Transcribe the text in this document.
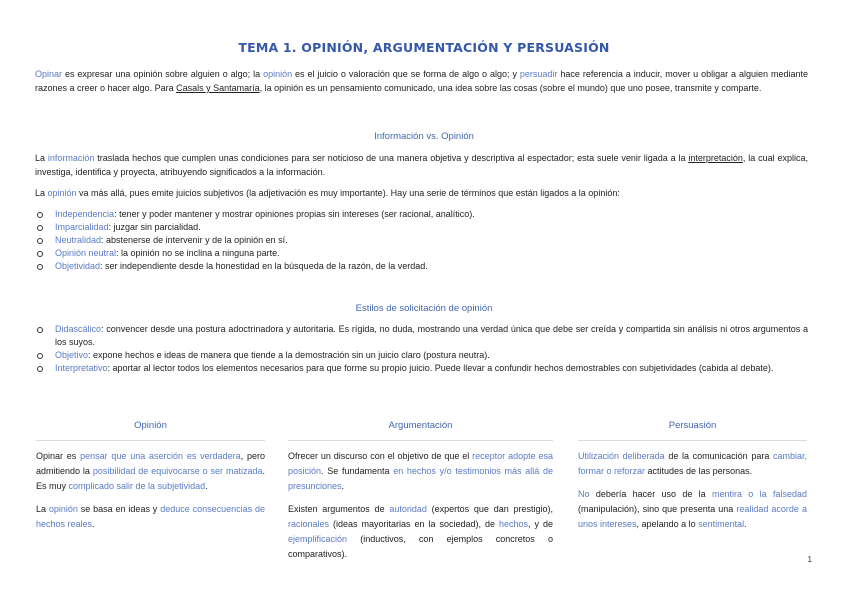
TEMA 1. OPINIÓN, ARGUMENTACIÓN Y PERSUASIÓN

Opinar es expresar una opinión sobre alguien o algo; la opinión es el juicio o valoración que se forma de algo o algo; y persuadir hace referencia a inducir, mover u obligar a alguien mediante razones a creer o hacer algo. Para Casals y Santamaría, la opinión es un pensamiento comunicado, una idea sobre las cosas (sobre el mundo) que uno posee, transmite y comparte.

Información vs. Opinión

La información traslada hechos que cumplen unas condiciones para ser noticioso de una manera objetiva y descriptiva al espectador; esta suele venir ligada a la interpretación, la cual explica, investiga, identifica y proyecta, atribuyendo significados a la información.

La opinión va más allá, pues emite juicios subjetivos (la adjetivación es muy importante). Hay una serie de términos que están ligados a la opinión:

Independencia: tener y poder mantener y mostrar opiniones propias sin intereses (ser racional, analítico).
Imparcialidad: juzgar sin parcialidad.
Neutralidad: abstenerse de intervenir y de la opinión en sí.
Opinión neutral: la opinión no se inclina a ninguna parte.
Objetividad: ser independiente desde la honestidad en la búsqueda de la razón, de la verdad.
Estilos de solicitación de opinión
Didascálico: convencer desde una postura adoctrinadora y autoritaria. Es rígida, no duda, mostrando una verdad única que debe ser creída y compartida sin análisis ni otros argumentos a los suyos.
Objetivo: expone hechos e ideas de manera que tiende a la demostración sin un juicio claro (postura neutra).
Interpretativo: aportar al lector todos los elementos necesarios para que forme su propio juicio. Puede llevar a confundir hechos demostrables con subjetividades (cabida al debate).
Opinión

Opinar es pensar que una aserción es verdadera, pero admitiendo la posibilidad de equivocarse o ser matizada. Es muy complicado salir de la subjetividad.

La opinión se basa en ideas y deduce consecuencias de hechos reales.

Argumentación

Ofrecer un discurso con el objetivo de que el receptor adopte esa posición. Se fundamenta en hechos y/o testimonios más allá de presunciones.

Existen argumentos de autoridad (expertos que dan prestigio), racionales (ideas mayoritarias en la sociedad), de hechos, y de ejemplificación (inductivos, con ejemplos concretos o comparativos).

Persuasión

Utilización deliberada de la comunicación para cambiar, formar o reforzar actitudes de las personas.

No debería hacer uso de la mentira o la falsedad (manipulación), sino que presenta una realidad acorde a unos intereses, apelando a lo sentimental.

1
